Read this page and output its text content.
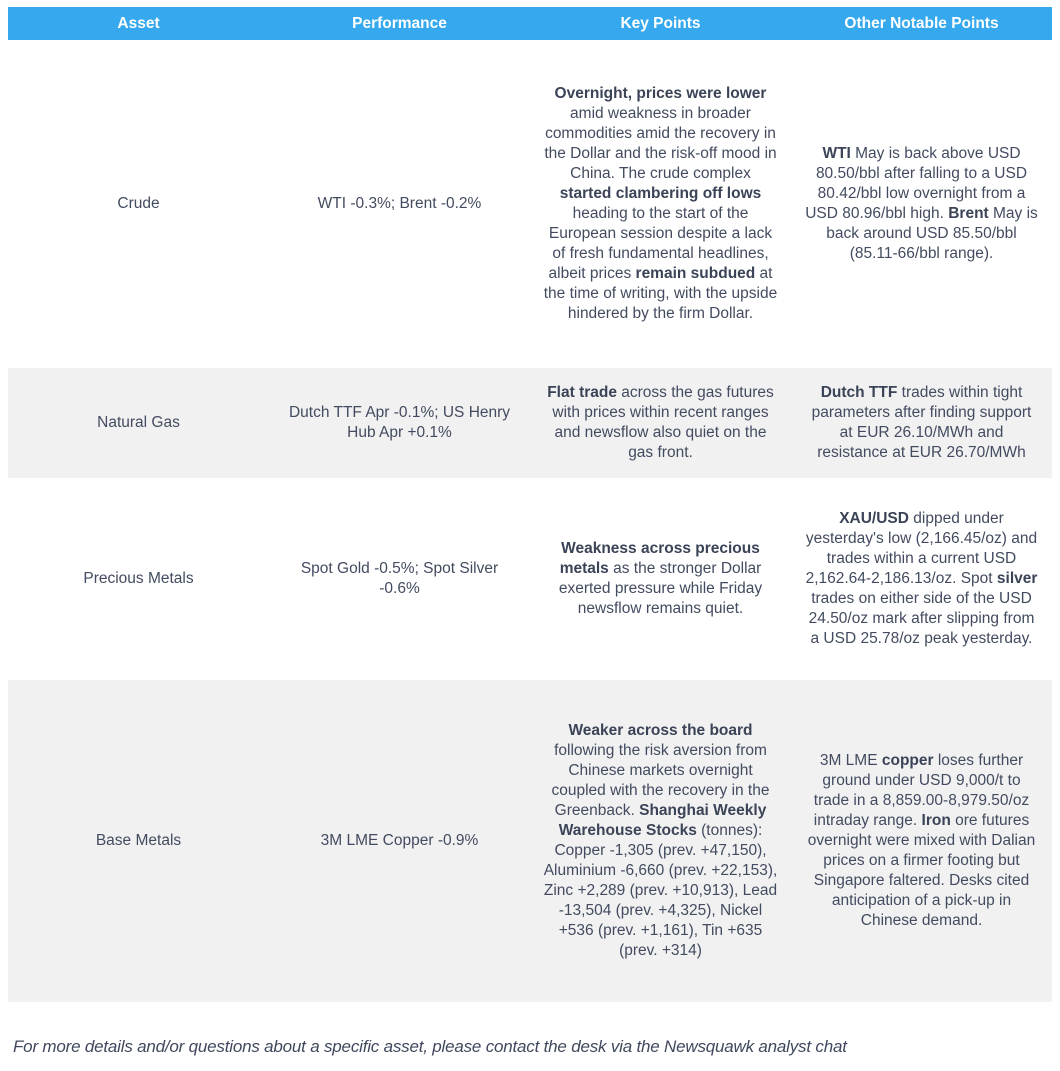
Asset	Performance	Key Points	Other Notable Points
Crude	WTI -0.3%; Brent -0.2%	Overnight, prices were lower amid weakness in broader commodities amid the recovery in the Dollar and the risk-off mood in China. The crude complex started clambering off lows heading to the start of the European session despite a lack of fresh fundamental headlines, albeit prices remain subdued at the time of writing, with the upside hindered by the firm Dollar.	WTI May is back above USD 80.50/bbl after falling to a USD 80.42/bbl low overnight from a USD 80.96/bbl high. Brent May is back around USD 85.50/bbl (85.11-66/bbl range).
Natural Gas	Dutch TTF Apr -0.1%; US Henry Hub Apr +0.1%	Flat trade across the gas futures with prices within recent ranges and newsflow also quiet on the gas front.	Dutch TTF trades within tight parameters after finding support at EUR 26.10/MWh and resistance at EUR 26.70/MWh
Precious Metals	Spot Gold -0.5%; Spot Silver -0.6%	Weakness across precious metals as the stronger Dollar exerted pressure while Friday newsflow remains quiet.	XAU/USD dipped under yesterday's low (2,166.45/oz) and trades within a current USD 2,162.64-2,186.13/oz. Spot silver trades on either side of the USD 24.50/oz mark after slipping from a USD 25.78/oz peak yesterday.
Base Metals	3M LME Copper -0.9%	Weaker across the board following the risk aversion from Chinese markets overnight coupled with the recovery in the Greenback. Shanghai Weekly Warehouse Stocks (tonnes): Copper -1,305 (prev. +47,150), Aluminium -6,660 (prev. +22,153), Zinc +2,289 (prev. +10,913), Lead -13,504 (prev. +4,325), Nickel +536 (prev. +1,161), Tin +635 (prev. +314)	3M LME copper loses further ground under USD 9,000/t to trade in a 8,859.00-8,979.50/oz intraday range. Iron ore futures overnight were mixed with Dalian prices on a firmer footing but Singapore faltered. Desks cited anticipation of a pick-up in Chinese demand.

For more details and/or questions about a specific asset, please contact the desk via the Newsquawk analyst chat
